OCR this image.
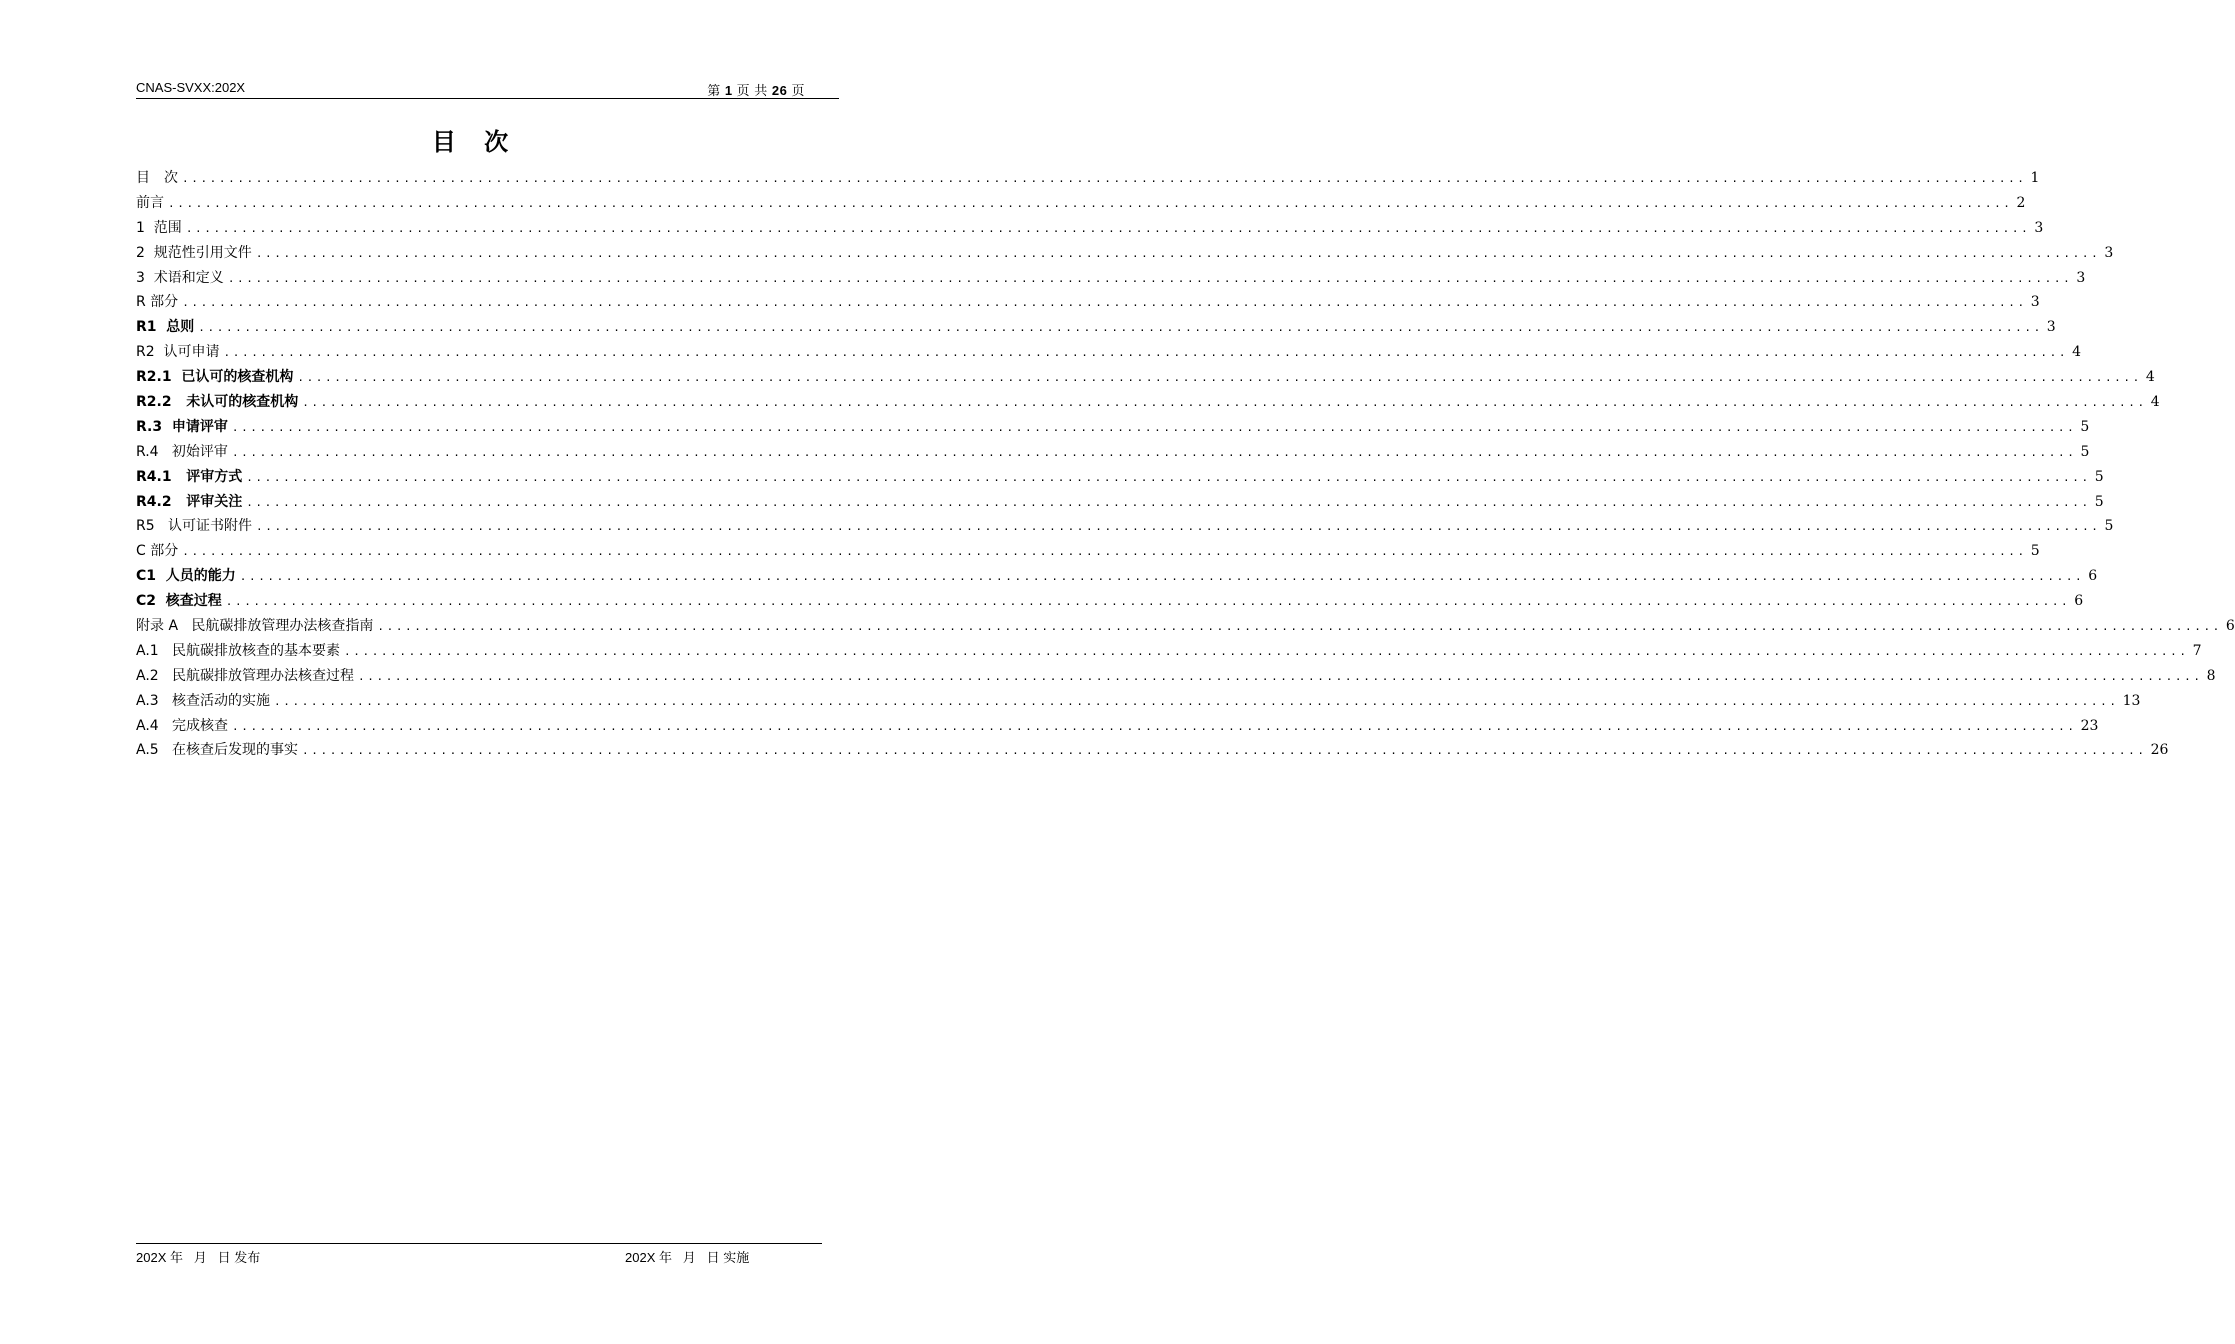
CNAS-SVXX:202X	第 1 页 共 26 页
目 次
目　次 ........................................................................................................................................................................................................ 1
前言 ........................................................................................................................................................................................................ 2
1  范围 ........................................................................................................................................................................................................ 3
2  规范性引用文件 ........................................................................................................................................................................................................ 3
3  术语和定义 ........................................................................................................................................................................................................ 3
R 部分 ........................................................................................................................................................................................................ 3
R1  总则 ........................................................................................................................................................................................................ 3
R2  认可申请 ........................................................................................................................................................................................................ 4
R2.1  已认可的核查机构 ........................................................................................................................................................................................................ 4
R2.2   未认可的核查机构 ........................................................................................................................................................................................................ 4
R.3  申请评审 ........................................................................................................................................................................................................ 5
R.4   初始评审 ........................................................................................................................................................................................................ 5
R4.1   评审方式 ........................................................................................................................................................................................................ 5
R4.2   评审关注 ........................................................................................................................................................................................................ 5
R5   认可证书附件 ........................................................................................................................................................................................................ 5
C 部分 ........................................................................................................................................................................................................ 5
C1  人员的能力 ........................................................................................................................................................................................................ 6
C2  核查过程 ........................................................................................................................................................................................................ 6
附录 A   民航碳排放管理办法核查指南 ........................................................................................................................................................................................................ 6
A.1   民航碳排放核查的基本要素 ........................................................................................................................................................................................................ 7
A.2   民航碳排放管理办法核查过程 ........................................................................................................................................................................................................ 8
A.3   核查活动的实施 ........................................................................................................................................................................................................ 13
A.4   完成核查 ........................................................................................................................................................................................................ 23
A.5   在核查后发现的事实 ........................................................................................................................................................................................................ 26
202X 年   月   日 发布	202X 年   月   日 实施
